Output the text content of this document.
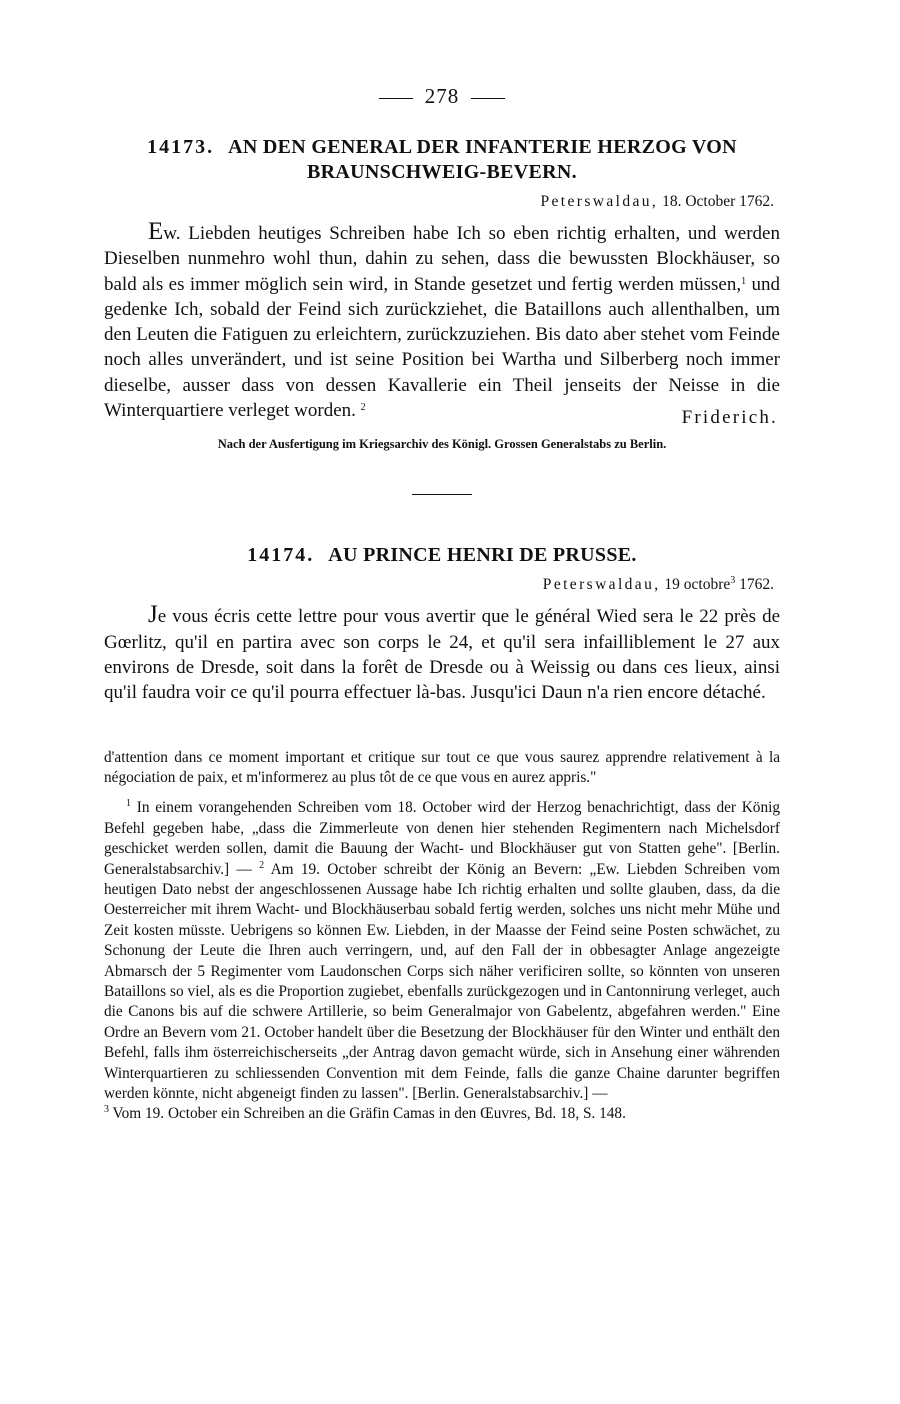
278
14173. AN DEN GENERAL DER INFANTERIE HERZOG VON BRAUNSCHWEIG-BEVERN.
Peterswaldau, 18. October 1762.

Ew. Liebden heutiges Schreiben habe Ich so eben richtig erhalten, und werden Dieselben nunmehro wohl thun, dahin zu sehen, dass die bewussten Blockhäuser, so bald als es immer möglich sein wird, in Stande gesetzet und fertig werden müssen,$^1$ und gedenke Ich, sobald der Feind sich zurückziehet, die Bataillons auch allenthalben, um den Leuten die Fatiguen zu erleichtern, zurückzuziehen. Bis dato aber stehet vom Feinde noch alles unverändert, und ist seine Position bei Wartha und Silberberg noch immer dieselbe, ausser dass von dessen Kavallerie ein Theil jenseits der Neisse in die Winterquartiere verleget worden. $^2$	Friderich.
Nach der Ausfertigung im Kriegsarchiv des Königl. Grossen Generalstabs zu Berlin.
14174. AU PRINCE HENRI DE PRUSSE.
Peterswaldau, 19 octobre$^3$ 1762.

Je vous écris cette lettre pour vous avertir que le général Wied sera le 22 près de Gœrlitz, qu'il en partira avec son corps le 24, et qu'il sera infailliblement le 27 aux environs de Dresde, soit dans la forêt de Dresde ou à Weissig ou dans ces lieux, ainsi qu'il faudra voir ce qu'il pourra effectuer là-bas. Jusqu'ici Daun n'a rien encore détaché.

d'attention dans ce moment important et critique sur tout ce que vous saurez apprendre relativement à la négociation de paix, et m'informerez au plus tôt de ce que vous en aurez appris."

$^1$ In einem vorangehenden Schreiben vom 18. October wird der Herzog benachrichtigt, dass der König Befehl gegeben habe, „dass die Zimmerleute von denen hier stehenden Regimentern nach Michelsdorf geschicket werden sollen, damit die Bauung der Wacht- und Blockhäuser gut von Statten gehe". [Berlin. Generalstabsarchiv.] — $^2$ Am 19. October schreibt der König an Bevern: „Ew. Liebden Schreiben vom heutigen Dato nebst der angeschlossenen Aussage habe Ich richtig erhalten und sollte glauben, dass, da die Oesterreicher mit ihrem Wacht- und Blockhäuserbau sobald fertig werden, solches uns nicht mehr Mühe und Zeit kosten müsste. Uebrigens so können Ew. Liebden, in der Maasse der Feind seine Posten schwächet, zu Schonung der Leute die Ihren auch verringern, und, auf den Fall der in obbesagter Anlage angezeigte Abmarsch der 5 Regimenter vom Laudonschen Corps sich näher verificiren sollte, so könnten von unseren Bataillons so viel, als es die Proportion zugiebet, ebenfalls zurückgezogen und in Cantonnirung verleget, auch die Canons bis auf die schwere Artillerie, so beim Generalmajor von Gabelentz, abgefahren werden." Eine Ordre an Bevern vom 21. October handelt über die Besetzung der Blockhäuser für den Winter und enthält den Befehl, falls ihm österreichischerseits „der Antrag davon gemacht würde, sich in Ansehung einer währenden Winterquartieren zu schliessenden Convention mit dem Feinde, falls die ganze Chaine darunter begriffen werden könnte, nicht abgeneigt finden zu lassen". [Berlin. Generalstabsarchiv.] —
$^3$ Vom 19. October ein Schreiben an die Gräfin Camas in den Œuvres, Bd. 18, S. 148.
